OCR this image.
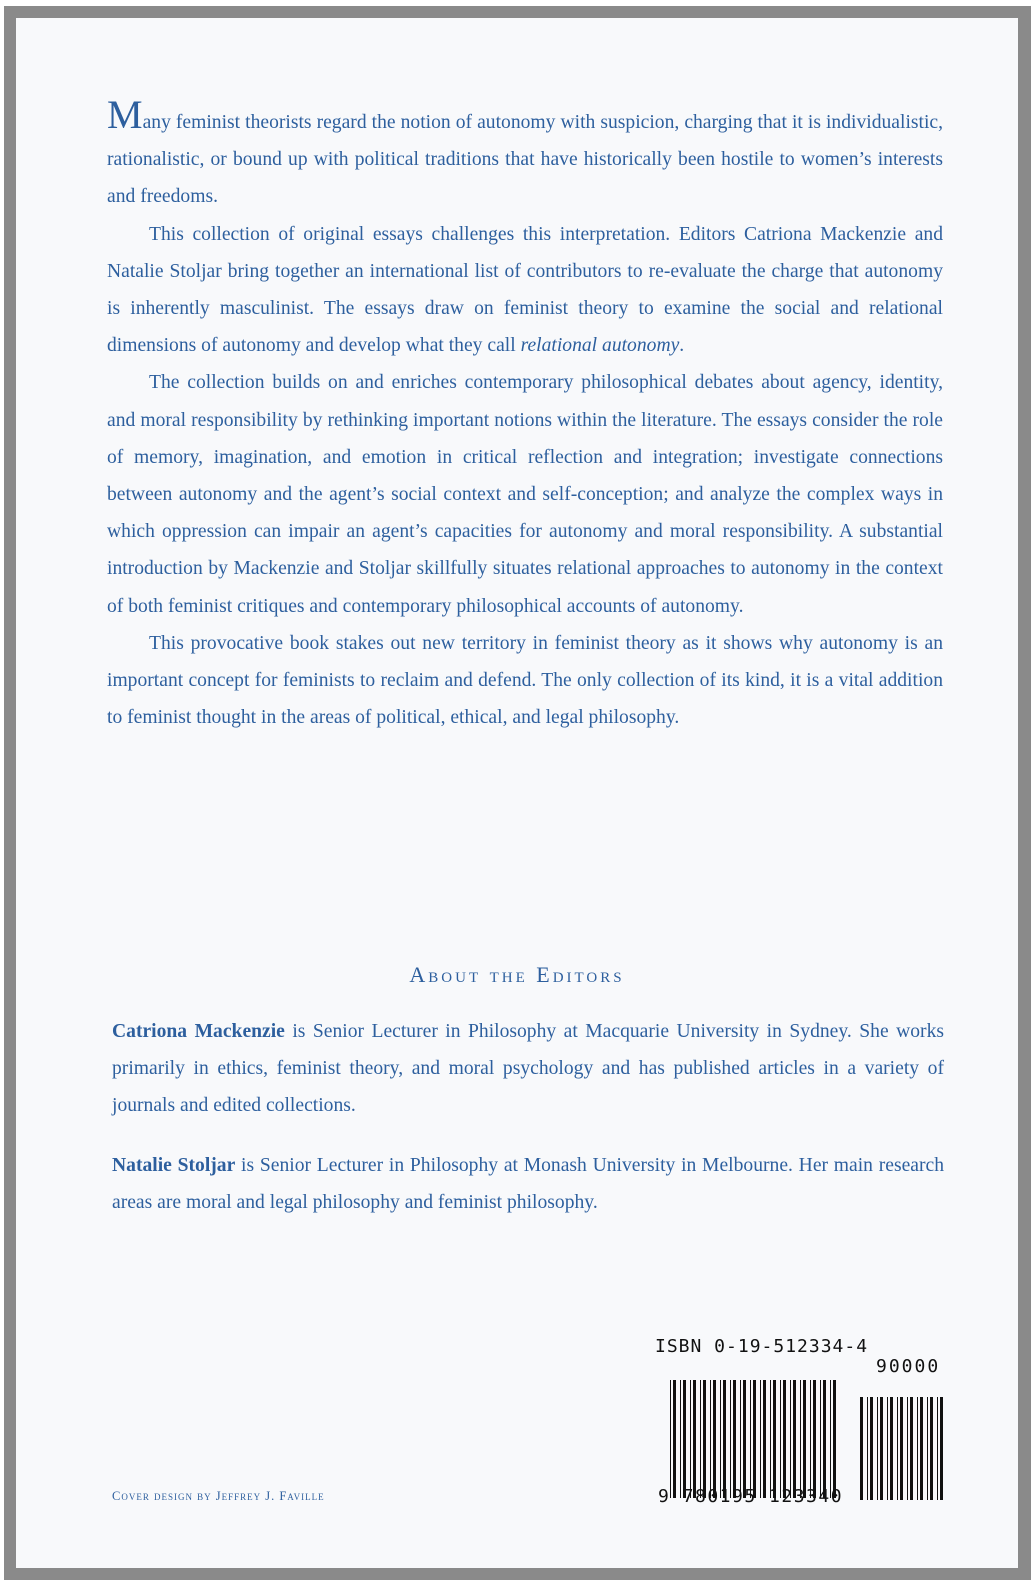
Many feminist theorists regard the notion of autonomy with suspicion, charging that it is individualistic, rationalistic, or bound up with political traditions that have historically been hostile to women’s interests and freedoms.

This collection of original essays challenges this interpretation. Editors Catriona Mackenzie and Natalie Stoljar bring together an international list of contributors to re-evaluate the charge that autonomy is inherently masculinist. The essays draw on feminist theory to examine the social and relational dimensions of autonomy and develop what they call relational autonomy.

The collection builds on and enriches contemporary philosophical debates about agency, identity, and moral responsibility by rethinking important notions within the literature. The essays consider the role of memory, imagination, and emotion in critical reflection and integration; investigate connections between autonomy and the agent’s social context and self-conception; and analyze the complex ways in which oppression can impair an agent’s capacities for autonomy and moral responsibility. A substantial introduction by Mackenzie and Stoljar skillfully situates relational approaches to autonomy in the context of both feminist critiques and contemporary philosophical accounts of autonomy.

This provocative book stakes out new territory in feminist theory as it shows why autonomy is an important concept for feminists to reclaim and defend. The only collection of its kind, it is a vital addition to feminist thought in the areas of political, ethical, and legal philosophy.

About the Editors

Catriona Mackenzie is Senior Lecturer in Philosophy at Macquarie University in Sydney. She works primarily in ethics, feminist theory, and moral psychology and has published articles in a variety of journals and edited collections.

Natalie Stoljar is Senior Lecturer in Philosophy at Monash University in Melbourne. Her main research areas are moral and legal philosophy and feminist philosophy.

Cover design by Jeffrey J. Faville
ISBN 0-19-512334-4
90000
9 780195 123340
